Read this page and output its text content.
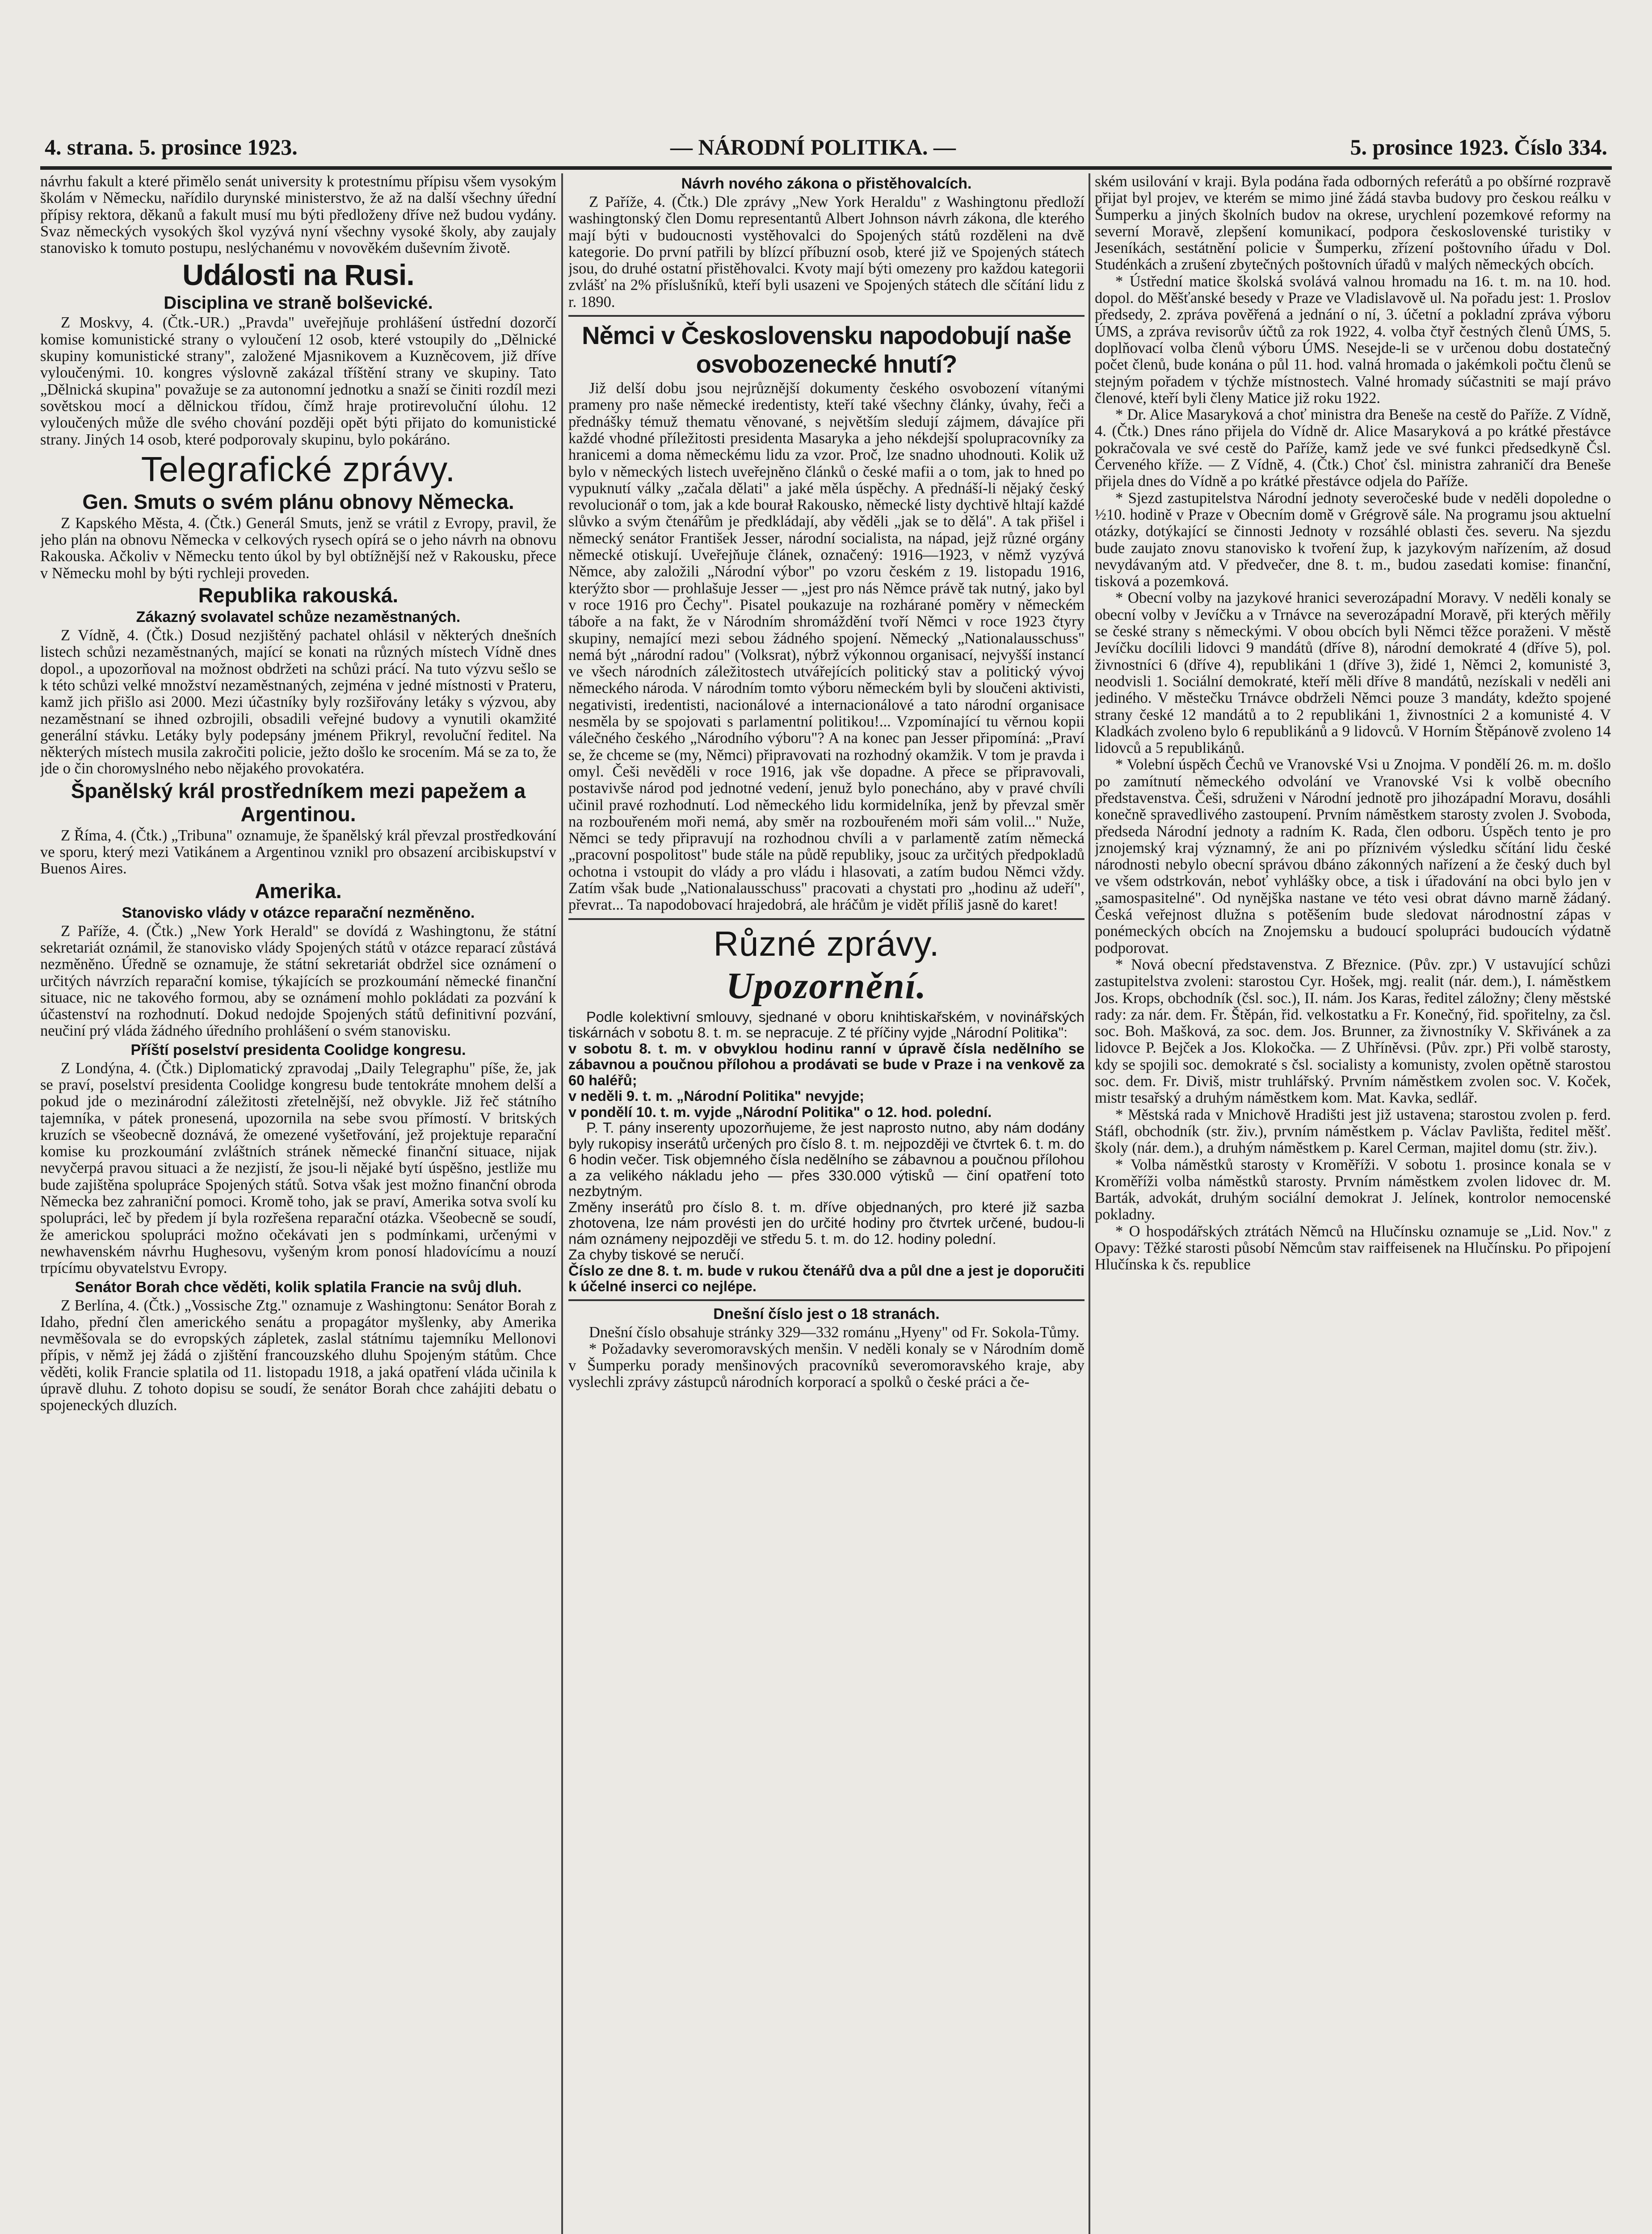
4. strana. 5. prosince 1923.	— NÁRODNÍ POLITIKA. —	5. prosince 1923. Číslo 334.

návrhu fakult a které přimělo senát university k protestnímu přípisu všem vysokým školám v Německu, nařídilo durynské ministerstvo, že až na další všechny úřední přípisy rektora, děkanů a fakult musí mu býti předloženy dříve než budou vydány. Svaz německých vysokých škol vyzývá nyní všechny vysoké školy, aby zaujaly stanovisko k tomuto postupu, neslýchanému v novověkém duševním životě.

Události na Rusi.
Disciplina ve straně bolševické.

Z Moskvy, 4. (Čtk.-UR.) „Pravda" uveřejňuje prohlášení ústřední dozorčí komise komunistické strany o vyloučení 12 osob, které vstoupily do „Dělnické skupiny komunistické strany", založené Mjasnikovem a Kuzněcovem, již dříve vyloučenými. 10. kongres výslovně zakázal tříštění strany ve skupiny. Tato „Dělnická skupina" považuje se za autonomní jednotku a snaží se činiti rozdíl mezi sovětskou mocí a dělnickou třídou, čímž hraje protirevoluční úlohu. 12 vyloučených může dle svého chování později opět býti přijato do komunistické strany. Jiných 14 osob, které podporovaly skupinu, bylo pokáráno.

Telegrafické zprávy.
Gen. Smuts o svém plánu obnovy Německa.

Z Kapského Města, 4. (Čtk.) Generál Smuts, jenž se vrátil z Evropy, pravil, že jeho plán na obnovu Německa v celkových rysech opírá se o jeho návrh na obnovu Rakouska. Ačkoliv v Německu tento úkol by byl obtížnější než v Rakousku, přece v Německu mohl by býti rychleji proveden.

Republika rakouská.
Zákazný svolavatel schůze nezaměstnaných.

Z Vídně, 4. (Čtk.) Dosud nezjištěný pachatel ohlásil v některých dnešních listech schůzi nezaměstnaných, mající se konati na různých místech Vídně dnes dopol., a upozorňoval na možnost obdržeti na schůzi prácí. Na tuto výzvu sešlo se k této schůzi velké množství nezaměstnaných, zejména v jedné místnosti v Prateru, kamž jich přišlo asi 2000. Mezi účastníky byly rozšiřovány letáky s výzvou, aby nezaměstnaní se ihned ozbrojili, obsadili veřejné budovy a vynutili okamžité generální stávku. Letáky byly podepsány jménem Přikryl, revoluční ředitel. Na některých místech musila zakročiti policie, ježto došlo ke srocením. Má se za to, že jde o čin chorомyslného nebo nějakého provokatéra.

Španělský král prostředníkem mezi papežem a Argentinou.

Z Říma, 4. (Čtk.) „Tribuna" oznamuje, že španělský král převzal prostředkování ve sporu, který mezi Vatikánem a Argentinou vznikl pro obsazení arcibiskupství v Buenos Aires.

Amerika.
Stanovisko vlády v otázce reparační nezměněno.

Z Paříže, 4. (Čtk.) „New York Herald" se dovídá z Washingtonu, že státní sekretariát oznámil, že stanovisko vlády Spojených států v otázce reparací zůstává nezměněno. Úředně se oznamuje, že státní sekretariát obdržel sice oznámení o určitých návrzích reparační komise, týkajících se prozkoumání německé finanční situace, nic ne takového formou, aby se oznámení mohlo pokládati za pozvání k účastenství na rozhodnutí. Dokud nedojde Spojených států definitivní pozvání, neučiní prý vláda žádného úředního prohlášení o svém stanovisku.

Příští poselství presidenta Coolidge kongresu.

Z Londýna, 4. (Čtk.) Diplomatický zpravodaj „Daily Telegraphu" píše, že, jak se praví, poselství presidenta Coolidge kongresu bude tentokráte mnohem delší a pokud jde o mezinárodní záležitosti zřetelnější, než obvykle. Již řeč státního tajemníka, v pátek pronesená, upozornila na sebe svou přímostí. V britských kruzích se všeobecně doznává, že omezené vyšetřování, jež projektuje reparační komise ku prozkoumání zvláštních stránek německé finanční situace, nijak nevyčerpá pravou situaci a že nezjistí, že jsou-li nějaké bytí úspěšno, jestliže mu bude zajištěna spolupráce Spojených států. Sotva však jest možno finanční obroda Německa bez zahraniční pomoci. Kromě toho, jak se praví, Amerika sotva svolí ku spolupráci, leč by předem jí byla rozřešena reparační otázka. Všeobecně se soudí, že americkou spolupráci možno očekávati jen s podmínkami, určenými v newhavenském návrhu Hughesovu, vyšeným krom ponosí hladovícímu a nouzí trpícímu obyvatelstvu Evropy.

Senátor Borah chce věděti, kolik splatila Francie na svůj dluh.

Z Berlína, 4. (Čtk.) „Vossische Ztg." oznamuje z Washingtonu: Senátor Borah z Idaho, přední člen amerického senátu a propagátor myšlenky, aby Amerika nevměšovala se do evropských zápletek, zaslal státnímu tajemníku Mellonovi přípis, v němž jej žádá o zjištění francouzského dluhu Spojeným státům. Chce věděti, kolik Francie splatila od 11. listopadu 1918, a jaká opatření vláda učinila k úpravě dluhu. Z tohoto dopisu se soudí, že senátor Borah chce zahájiti debatu o spojeneckých dluzích.

Návrh nového zákona o přistěhovalcích.

Z Paříže, 4. (Čtk.) Dle zprávy „New York Heraldu" z Washingtonu předloží washingtonský člen Domu representantů Albert Johnson návrh zákona, dle kterého mají býti v budoucnosti vystěhovalci do Spojených států rozděleni na dvě kategorie. Do první patřili by blízcí příbuzní osob, které již ve Spojených státech jsou, do druhé ostatní přistěhovalci. Kvoty mají býti omezeny pro každou kategorii zvlášť na 2% příslušníků, kteří byli usazeni ve Spojených státech dle sčítání lidu z r. 1890.

Němci v Československu napodobují naše osvobozenecké hnutí?

Již delší dobu jsou nejrůznější dokumenty českého osvobození vítanými prameny pro naše německé iredentisty, kteří také všechny články, úvahy, řeči a přednášky témuž thematu věnované, s největším sledují zájmem, dávajíce při každé vhodné příležitosti presidenta Masaryka a jeho nékdejší spolupracovníky za hranicemi a doma německému lidu za vzor. Proč, lze snadno uhodnouti. Kolik už bylo v německých listech uveřejněno článků o české mafii a o tom, jak to hned po vypuknutí války „začala dělati" a jaké měla úspěchy. A přednáší-li nějaký český revolucionář o tom, jak a kde bourał Rakousko, německé listy dychtivě hltají každé slůvko a svým čtenářům je předkládají, aby věděli „jak se to dělá". A tak přišel i německý senátor František Jesser, národní socialista, na nápad, jejž různé orgány německé otiskují. Uveřejňuje článek, označený: 1916—1923, v němž vyzývá Němce, aby založili „Národní výbor" po vzoru českém z 19. listopadu 1916, kterýžto sbor — prohlašuje Jesser — „jest pro nás Němce právě tak nutný, jako byl v roce 1916 pro Čechy". Pisatel poukazuje na rozhárané poměry v německém táboře a na fakt, že v Národním shromáždění tvoří Němci v roce 1923 čtyry skupiny, nemající mezi sebou žádného spojení. Německý „Nationalausschuss" nemá být „národní radou" (Volksrat), nýbrž výkonnou organisací, nejvyšší instancí ve všech národních záležitostech utvářejících politický stav a politický vývoj německého národa. V národním tomto výboru německém byli by sloučeni aktivisti, negativisti, iredentisti, nacionálové a internacionálové a tato národní organisace nesměla by se spojovati s parlamentní politikou!... Vzpomínající tu věrnou kopii válečného českého „Národního výboru"? A na konec pan Jesser připomíná: „Praví se, že chceme se (my, Němci) připravovati na rozhodný okamžik. V tom je pravda i omyl. Češi nevěděli v roce 1916, jak vše dopadne. A přece se připravovali, postavivše národ pod jednotné vedení, jenuž bylo ponecháno, aby v pravé chvíli učinil pravé rozhodnutí. Lod německého lidu kormidelníka, jenž by převzal směr na rozbouřeném moři nemá, aby směr na rozbouřeném moři sám volil..." Nuže, Němci se tedy připravují na rozhodnou chvíli a v parlamentě zatím německá „pracovní pospolitost" bude stále na půdě republiky, jsouc za určitých předpokladů ochotna i vstoupit do vlády a pro vládu i hlasovati, a zatím budou Němci vždy. Zatím však bude „Nationalausschuss" pracovati a chystati pro „hodinu až udeří", převrat... Ta napodobovací hrajedobrá, ale hráčům je vidět příliš jasně do karet!

Různé zprávy.
Upozornění.

Podle kolektivní smlouvy, sjednané v oboru knihtiskařském, v novinářských tiskárnách v sobotu 8. t. m. se nepracuje. Z té příčiny vyjde „Národní Politika":

v sobotu 8. t. m. v obvyklou hodinu ranní v úpravě čísla nedělního se zábavnou a poučnou přílohou a prodávati se bude v Praze i na venkově za 60 haléřů;

v neděli 9. t. m. „Národní Politika" nevyjde;

v pondělí 10. t. m. vyjde „Národní Politika" o 12. hod. polední.

P. T. pány inserenty upozorňujeme, že jest naprosto nutno, aby nám dodány byly rukopisy inserátů určených pro číslo 8. t. m. nejpozději ve čtvrtek 6. t. m. do 6 hodin večer. Tisk objemného čísla nedělního se zábavnou a poučnou přílohou a za velikého nákladu jeho — přes 330.000 výtisků — činí opatření toto nezbytným.

Změny inserátů pro číslo 8. t. m. dříve objednaných, pro které již sazba zhotovena, lze nám provésti jen do určité hodiny pro čtvrtek určené, budou-li nám oznámeny nejpozději ve středu 5. t. m. do 12. hodiny polední.

Za chyby tiskové se neručí.

Číslo ze dne 8. t. m. bude v rukou čtenářů dva a půl dne a jest je doporučiti k účelné inserci co nejlépe.

Dnešní číslo jest o 18 stranách.

Dnešní číslo obsahuje stránky 329—332 románu „Hyeny" od Fr. Sokola-Tůmy.

* Požadavky severomoravských menšin. V neděli konaly se v Národním domě v Šumperku porady menšinových pracovníků severomoravského kraje, aby vyslechli zprávy zástupců národních korporací a spolků o české práci a če-

ském usilování v kraji. Byla podána řada odborných referátů a po obšírné rozpravě přijat byl projev, ve kterém se mimo jiné žádá stavba budovy pro českou reálku v Šumperku a jiných školních budov na okrese, urychlení pozemkové reformy na severní Moravě, zlepšení komunikací, podpora československé turistiky v Jeseníkách, sestátnění policie v Šumperku, zřízení poštovního úřadu v Dol. Studénkách a zrušení zbytečných poštovních úřadů v malých německých obcích.

* Ústřední matice školská svolává valnou hromadu na 16. t. m. na 10. hod. dopol. do Měšťanské besedy v Praze ve Vladislavově ul. Na pořadu jest: 1. Proslov předsedy, 2. zpráva pověřená a jednání o ní, 3. účetní a pokladní zpráva výboru ÚMS, a zpráva revisorův účtů za rok 1922, 4. volba čtyř čestných členů ÚMS, 5. doplňovací volba členů výboru ÚMS. Nesejde-li se v určenou dobu dostatečný počet členů, bude konána o půl 11. hod. valná hromada o jakémkoli počtu členů se stejným pořadem v týchže místnostech. Valné hromady súčastniti se mají právo členové, kteří byli členy Matice již roku 1922.

* Dr. Alice Masaryková a choť ministra dra Beneše na cestě do Paříže. Z Vídně, 4. (Čtk.) Dnes ráno přijela do Vídně dr. Alice Masaryková a po krátké přestávce pokračovala ve své cestě do Paříže, kamž jede ve své funkci předsedkyně Čsl. Červeného kříže. — Z Vídně, 4. (Čtk.) Choť čsl. ministra zahraničí dra Beneše přijela dnes do Vídně a po krátké přestávce odjela do Paříže.

* Sjezd zastupitelstva Národní jednoty severočeské bude v neděli dopoledne o ½10. hodině v Praze v Obecním domě v Grégrově sále. Na programu jsou aktuelní otázky, dotýkající se činnosti Jednoty v rozsáhlé oblasti čes. severu. Na sjezdu bude zaujato znovu stanovisko k tvoření žup, k jazykovým nařízením, až dosud nevydávaným atd. V předvečer, dne 8. t. m., budou zasedati komise: finanční, tisková a pozemková.

* Obecní volby na jazykové hranici severozápadní Moravy. V neděli konaly se obecní volby v Jevíčku a v Trnávce na severozápadní Moravě, při kterých měřily se české strany s německými. V obou obcích byli Němci těžce poraženi. V městě Jevíčku docílili lidovci 9 mandátů (dříve 8), národní demokraté 4 (dříve 5), pol. živnostníci 6 (dříve 4), republikáni 1 (dříve 3), židé 1, Němci 2, komunisté 3, neodvisli 1. Sociální demokraté, kteří měli dříve 8 mandátů, nezískali v neděli ani jediného. V městečku Trnávce obdrželi Němci pouze 3 mandáty, kdežto spojené strany české 12 mandátů a to 2 republikáni 1, živnostníci 2 a komunisté 4. V Kladkách zvoleno bylo 6 republikánů a 9 lidovců. V Horním Štěpánově zvoleno 14 lidovců a 5 republikánů.

* Volební úspěch Čechů ve Vranovské Vsi u Znojma. V pondělí 26. m. m. došlo po zamítnutí německého odvolání ve Vranovské Vsi k volbě obecního představenstva. Češi, sdruženi v Národní jednotě pro jihozápadní Moravu, dosáhli konečně spravedlivého zastoupení. Prvním náměstkem starosty zvolen J. Svoboda, předseda Národní jednoty a radním K. Rada, člen odboru. Úspěch tento je pro jznojemský kraj významný, že ani po příznivém výsledku sčítání lidu české národnosti nebylo obecní správou dbáno zákonných nařízení a že český duch byl ve všem odstrkován, neboť vyhlášky obce, a tisk i úřadování na obci bylo jen v „samospasitelné". Od nynějška nastane ve této vesi obrat dávno marně žádaný. Česká veřejnost dlužna s potěšením bude sledovat národnostní zápas v ponémeckých obcích na Znojemsku a budoucí spolupráci budoucích výdatně podporovat.

* Nová obecní představenstva. Z Březnice. (Pův. zpr.) V ustavující schůzi zastupitelstva zvoleni: starostou Cyr. Hošek, mgj. realit (nár. dem.), I. náměstkem Jos. Krops, obchodník (čsl. soc.), II. nám. Jos Karas, ředitel záložny; členy městské rady: za nár. dem. Fr. Štěpán, řid. velkostatku a Fr. Konečný, řid. spořitelny, za čsl. soc. Boh. Mašková, za soc. dem. Jos. Brunner, za živnostníky V. Skřivánek a za lidovce P. Bejček a Jos. Klokočka. — Z Uhříněvsi. (Pův. zpr.) Při volbě starosty, kdy se spojili soc. demokraté s čsl. socialisty a komunisty, zvolen opětně starostou soc. dem. Fr. Diviš, mistr truhlářský. Prvním náměstkem zvolen soc. V. Koček, mistr tesařský a druhým náměstkem kom. Mat. Kavka, sedlář.

* Městská rada v Mnichově Hradišti jest již ustavena; starostou zvolen p. ferd. Stáfl, obchodník (str. živ.), prvním náměstkem p. Václav Pavlišta, ředitel měšť. školy (nár. dem.), a druhým náměstkem p. Karel Cerman, majitel domu (str. živ.).

* Volba náměstků starosty v Kroměříži. V sobotu 1. prosince konala se v Kroměříži volba náměstků starosty. Prvním náměstkem zvolen lidovec dr. M. Barták, advokát, druhým sociální demokrat J. Jelínek, kontrolor nemocenské pokladny.

* O hospodářských ztrátách Němců na Hlučínsku oznamuje se „Lid. Nov." z Opavy: Těžké starosti působí Němcům stav raiffeisenek na Hlučínsku. Po připojení Hlučínska k čs. republice
